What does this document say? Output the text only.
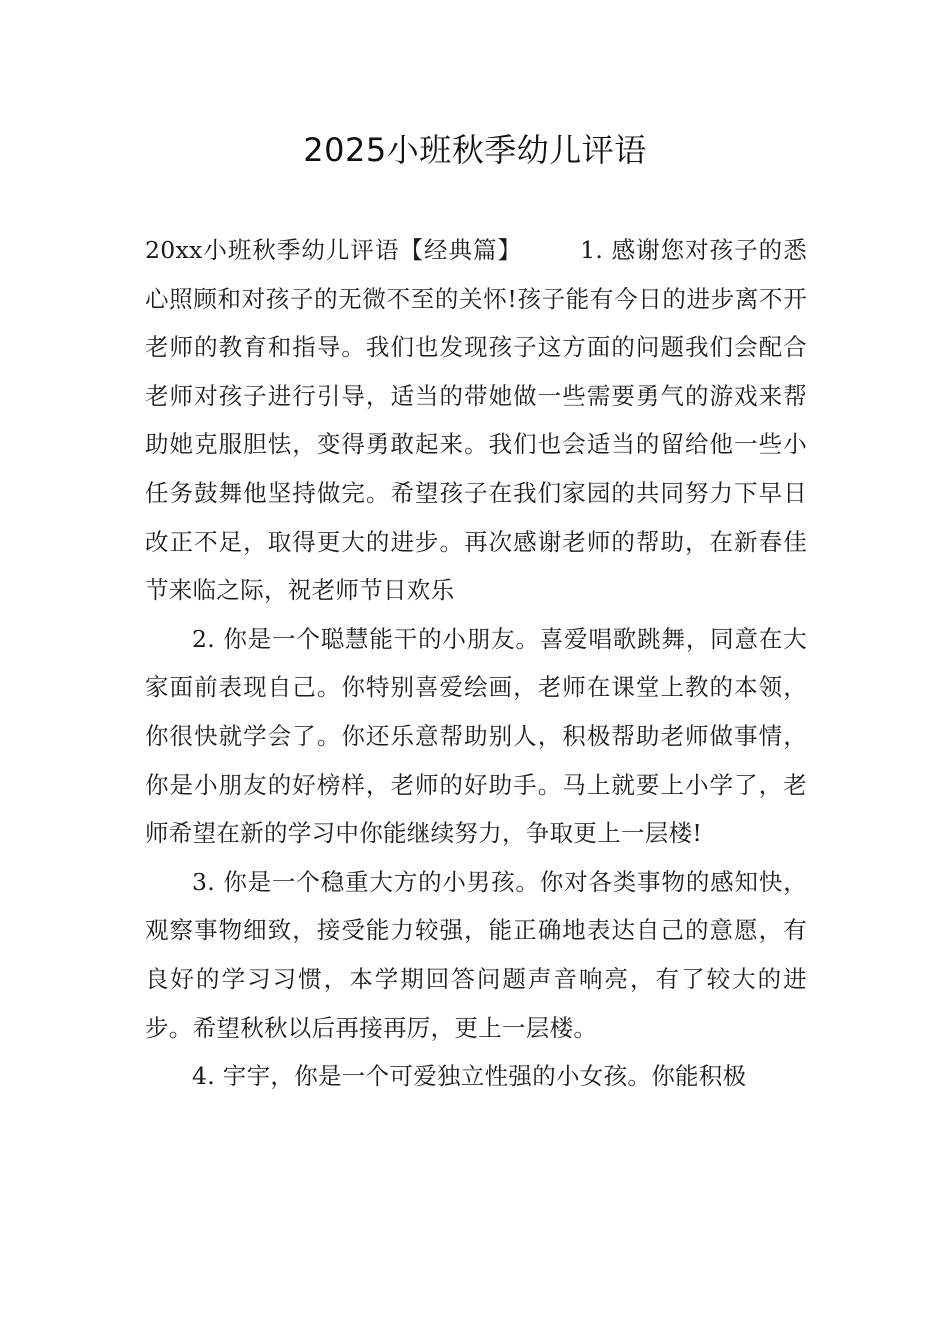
2025小班秋季幼儿评语

20xx小班秋季幼儿评语【经典篇】 1. 感谢您对孩子的悉心照顾和对孩子的无微不至的关怀!孩子能有今日的进步离不开老师的教育和指导。我们也发现孩子这方面的问题我们会配合老师对孩子进行引导，适当的带她做一些需要勇气的游戏来帮助她克服胆怯，变得勇敢起来。我们也会适当的留给他一些小任务鼓舞他坚持做完。希望孩子在我们家园的共同努力下早日改正不足，取得更大的进步。再次感谢老师的帮助，在新春佳节来临之际，祝老师节日欢乐

2. 你是一个聪慧能干的小朋友。喜爱唱歌跳舞，同意在大家面前表现自己。你特别喜爱绘画，老师在课堂上教的本领，你很快就学会了。你还乐意帮助别人，积极帮助老师做事情，你是小朋友的好榜样，老师的好助手。马上就要上小学了，老师希望在新的学习中你能继续努力，争取更上一层楼!

3. 你是一个稳重大方的小男孩。你对各类事物的感知快，观察事物细致，接受能力较强，能正确地表达自己的意愿，有良好的学习习惯，本学期回答问题声音响亮，有了较大的进步。希望秋秋以后再接再厉，更上一层楼。

4. 宇宇，你是一个可爱独立性强的小女孩。你能积极
